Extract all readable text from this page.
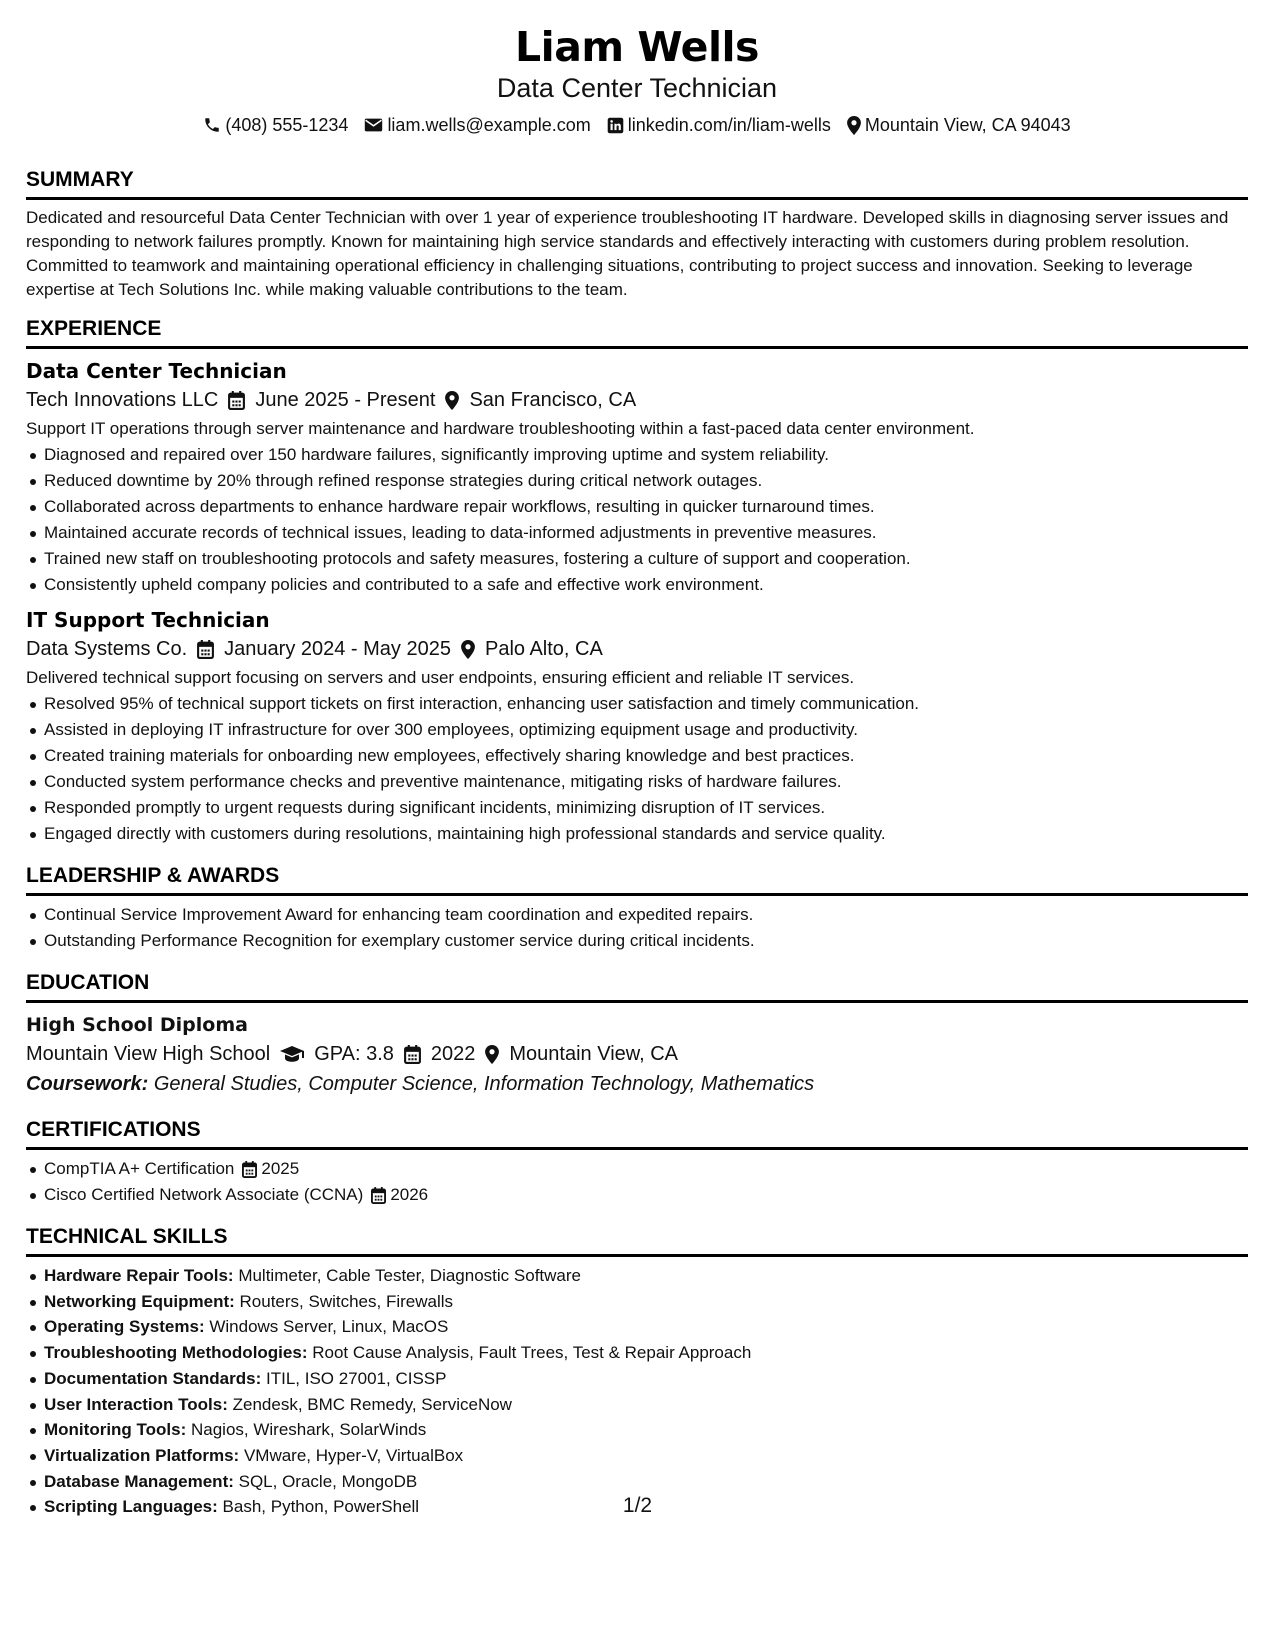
Liam Wells
Data Center Technician
(408) 555-1234 liam.wells@example.com linkedin.com/in/liam-wells Mountain View, CA 94043
SUMMARY
Dedicated and resourceful Data Center Technician with over 1 year of experience troubleshooting IT hardware. Developed skills in diagnosing server issues and responding to network failures promptly. Known for maintaining high service standards and effectively interacting with customers during problem resolution. Committed to teamwork and maintaining operational efficiency in challenging situations, contributing to project success and innovation. Seeking to leverage expertise at Tech Solutions Inc. while making valuable contributions to the team.
EXPERIENCE
Data Center Technician
Tech Innovations LLC June 2025 - Present San Francisco, CA
Support IT operations through server maintenance and hardware troubleshooting within a fast-paced data center environment.
Diagnosed and repaired over 150 hardware failures, significantly improving uptime and system reliability.
Reduced downtime by 20% through refined response strategies during critical network outages.
Collaborated across departments to enhance hardware repair workflows, resulting in quicker turnaround times.
Maintained accurate records of technical issues, leading to data-informed adjustments in preventive measures.
Trained new staff on troubleshooting protocols and safety measures, fostering a culture of support and cooperation.
Consistently upheld company policies and contributed to a safe and effective work environment.
IT Support Technician
Data Systems Co. January 2024 - May 2025 Palo Alto, CA
Delivered technical support focusing on servers and user endpoints, ensuring efficient and reliable IT services.
Resolved 95% of technical support tickets on first interaction, enhancing user satisfaction and timely communication.
Assisted in deploying IT infrastructure for over 300 employees, optimizing equipment usage and productivity.
Created training materials for onboarding new employees, effectively sharing knowledge and best practices.
Conducted system performance checks and preventive maintenance, mitigating risks of hardware failures.
Responded promptly to urgent requests during significant incidents, minimizing disruption of IT services.
Engaged directly with customers during resolutions, maintaining high professional standards and service quality.
LEADERSHIP & AWARDS
Continual Service Improvement Award for enhancing team coordination and expedited repairs.
Outstanding Performance Recognition for exemplary customer service during critical incidents.
EDUCATION
High School Diploma
Mountain View High School GPA: 3.8 2022 Mountain View, CA
Coursework: General Studies, Computer Science, Information Technology, Mathematics
CERTIFICATIONS
CompTIA A+ Certification 2025
Cisco Certified Network Associate (CCNA) 2026
TECHNICAL SKILLS
Hardware Repair Tools: Multimeter, Cable Tester, Diagnostic Software
Networking Equipment: Routers, Switches, Firewalls
Operating Systems: Windows Server, Linux, MacOS
Troubleshooting Methodologies: Root Cause Analysis, Fault Trees, Test & Repair Approach
Documentation Standards: ITIL, ISO 27001, CISSP
User Interaction Tools: Zendesk, BMC Remedy, ServiceNow
Monitoring Tools: Nagios, Wireshark, SolarWinds
Virtualization Platforms: VMware, Hyper-V, VirtualBox
Database Management: SQL, Oracle, MongoDB
Scripting Languages: Bash, Python, PowerShell	1/2
